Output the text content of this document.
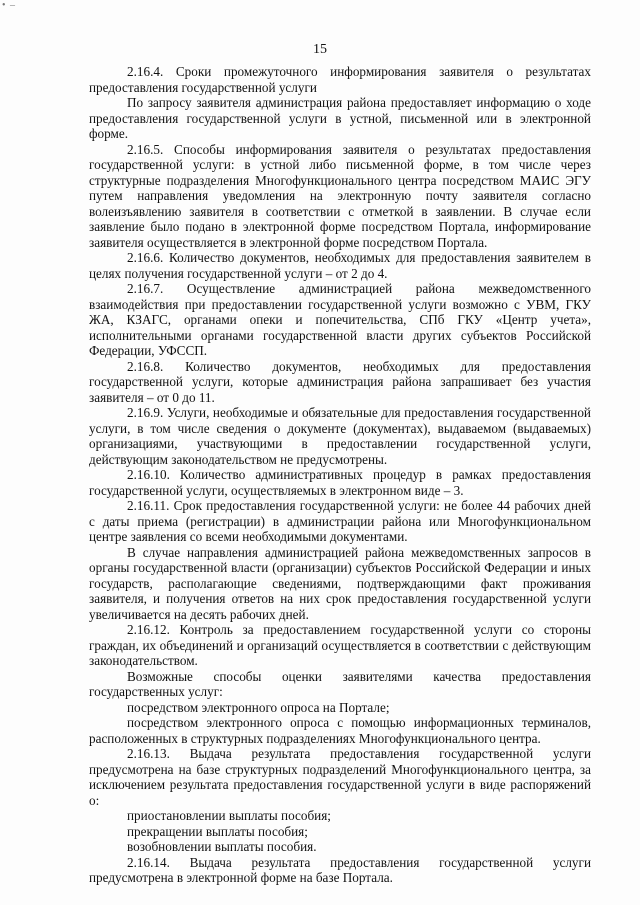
• –
15

2.16.4. Сроки промежуточного информирования заявителя о результатах предоставления государственной услуги

По запросу заявителя администрация района предоставляет информацию о ходе предоставления государственной услуги в устной, письменной или в электронной форме.

2.16.5. Способы информирования заявителя о результатах предоставления государственной услуги: в устной либо письменной форме, в том числе через структурные подразделения Многофункционального центра посредством МАИС ЭГУ путем направления уведомления на электронную почту заявителя согласно волеизъявлению заявителя в соответствии с отметкой в заявлении. В случае если заявление было подано в электронной форме посредством Портала, информирование заявителя осуществляется в электронной форме посредством Портала.

2.16.6. Количество документов, необходимых для предоставления заявителем в целях получения государственной услуги – от 2 до 4.

2.16.7. Осуществление администрацией района межведомственного взаимодействия при предоставлении государственной услуги возможно с УВМ, ГКУ ЖА, КЗАГС, органами опеки и попечительства, СПб ГКУ «Центр учета», исполнительными органами государственной власти других субъектов Российской Федерации, УФССП.

2.16.8. Количество документов, необходимых для предоставления государственной услуги, которые администрация района запрашивает без участия заявителя – от 0 до 11.

2.16.9. Услуги, необходимые и обязательные для предоставления государственной услуги, в том числе сведения о документе (документах), выдаваемом (выдаваемых) организациями, участвующими в предоставлении государственной услуги, действующим законодательством не предусмотрены.

2.16.10. Количество административных процедур в рамках предоставления государственной услуги, осуществляемых в электронном виде – 3.

2.16.11. Срок предоставления государственной услуги: не более 44 рабочих дней с даты приема (регистрации) в администрации района или Многофункциональном центре заявления со всеми необходимыми документами.

В случае направления администрацией района межведомственных запросов в органы государственной власти (организации) субъектов Российской Федерации и иных государств, располагающие сведениями, подтверждающими факт проживания заявителя, и получения ответов на них срок предоставления государственной услуги увеличивается на десять рабочих дней.

2.16.12. Контроль за предоставлением государственной услуги со стороны граждан, их объединений и организаций осуществляется в соответствии с действующим законодательством.

Возможные способы оценки заявителями качества предоставления государственных услуг:

посредством электронного опроса на Портале;

посредством электронного опроса с помощью информационных терминалов, расположенных в структурных подразделениях Многофункционального центра.

2.16.13. Выдача результата предоставления государственной услуги предусмотрена на базе структурных подразделений Многофункционального центра, за исключением результата предоставления государственной услуги в виде распоряжений о:

приостановлении выплаты пособия;

прекращении выплаты пособия;

возобновлении выплаты пособия.

2.16.14. Выдача результата предоставления государственной услуги предусмотрена в электронной форме на базе Портала.
